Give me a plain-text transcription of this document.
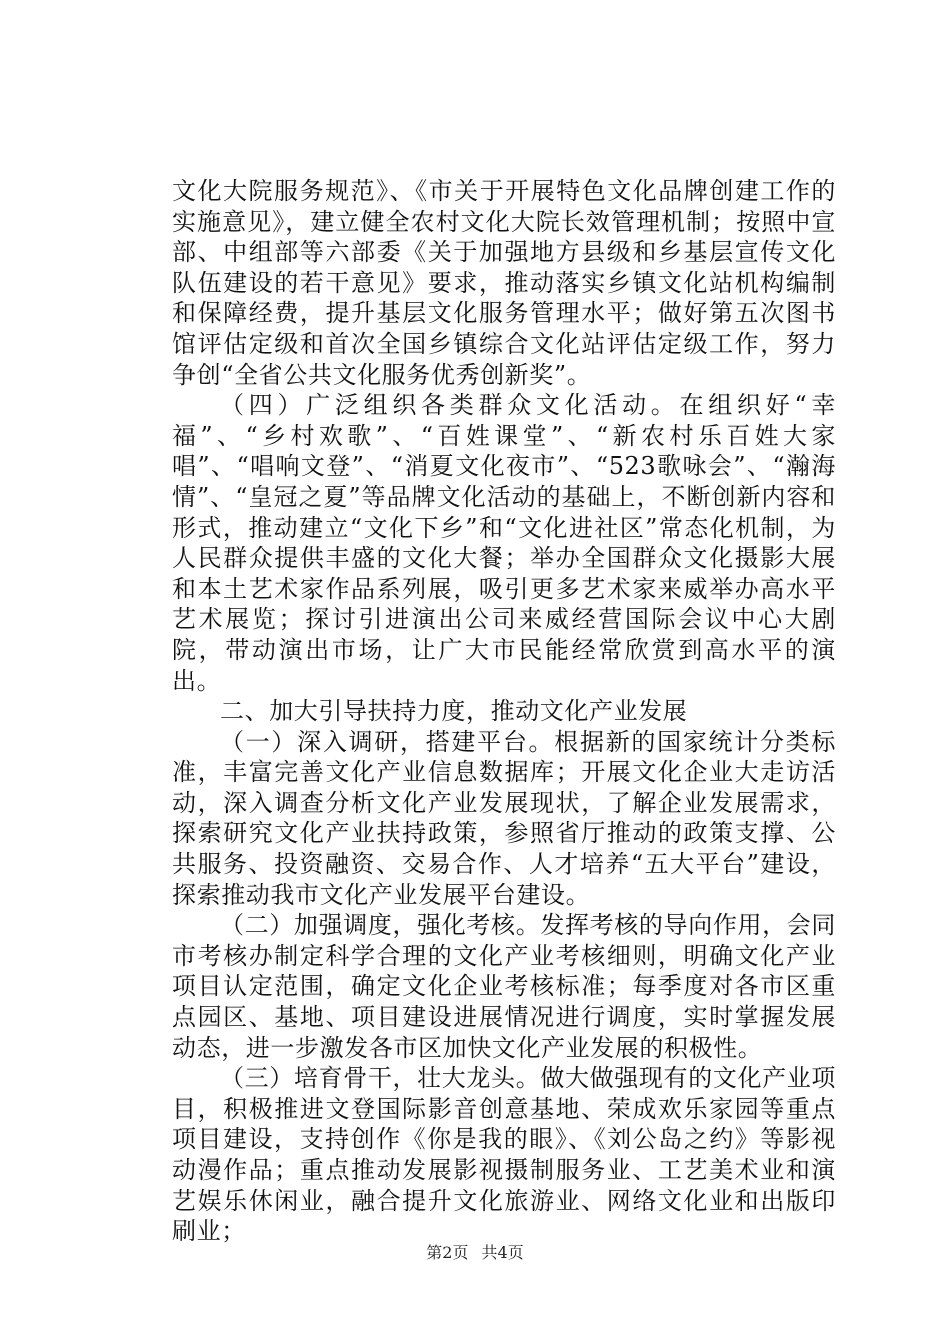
文化大院服务规范》、《市关于开展特色文化品牌创建工作的实施意见》，建立健全农村文化大院长效管理机制；按照中宣部、中组部等六部委《关于加强地方县级和乡基层宣传文化队伍建设的若干意见》要求，推动落实乡镇文化站机构编制和保障经费，提升基层文化服务管理水平；做好第五次图书馆评估定级和首次全国乡镇综合文化站评估定级工作，努力争创“全省公共文化服务优秀创新奖”。

（四）广泛组织各类群众文化活动。在组织好“幸福”、“乡村欢歌”、“百姓课堂”、“新农村乐百姓大家唱”、“唱响文登”、“消夏文化夜市”、“523歌咏会”、“瀚海情”、“皇冠之夏”等品牌文化活动的基础上，不断创新内容和形式，推动建立“文化下乡”和“文化进社区”常态化机制，为人民群众提供丰盛的文化大餐；举办全国群众文化摄影大展和本土艺术家作品系列展，吸引更多艺术家来威举办高水平艺术展览；探讨引进演出公司来威经营国际会议中心大剧院，带动演出市场，让广大市民能经常欣赏到高水平的演出。

二、加大引导扶持力度，推动文化产业发展

（一）深入调研，搭建平台。根据新的国家统计分类标准，丰富完善文化产业信息数据库；开展文化企业大走访活动，深入调查分析文化产业发展现状，了解企业发展需求，探索研究文化产业扶持政策，参照省厅推动的政策支撑、公共服务、投资融资、交易合作、人才培养“五大平台”建设，探索推动我市文化产业发展平台建设。

（二）加强调度，强化考核。发挥考核的导向作用，会同市考核办制定科学合理的文化产业考核细则，明确文化产业项目认定范围，确定文化企业考核标准；每季度对各市区重点园区、基地、项目建设进展情况进行调度，实时掌握发展动态，进一步激发各市区加快文化产业发展的积极性。

（三）培育骨干，壮大龙头。做大做强现有的文化产业项目，积极推进文登国际影音创意基地、荣成欢乐家园等重点项目建设，支持创作《你是我的眼》、《刘公岛之约》等影视动漫作品；重点推动发展影视摄制服务业、工艺美术业和演艺娱乐休闲业，融合提升文化旅游业、网络文化业和出版印刷业；

第2页 共4页
